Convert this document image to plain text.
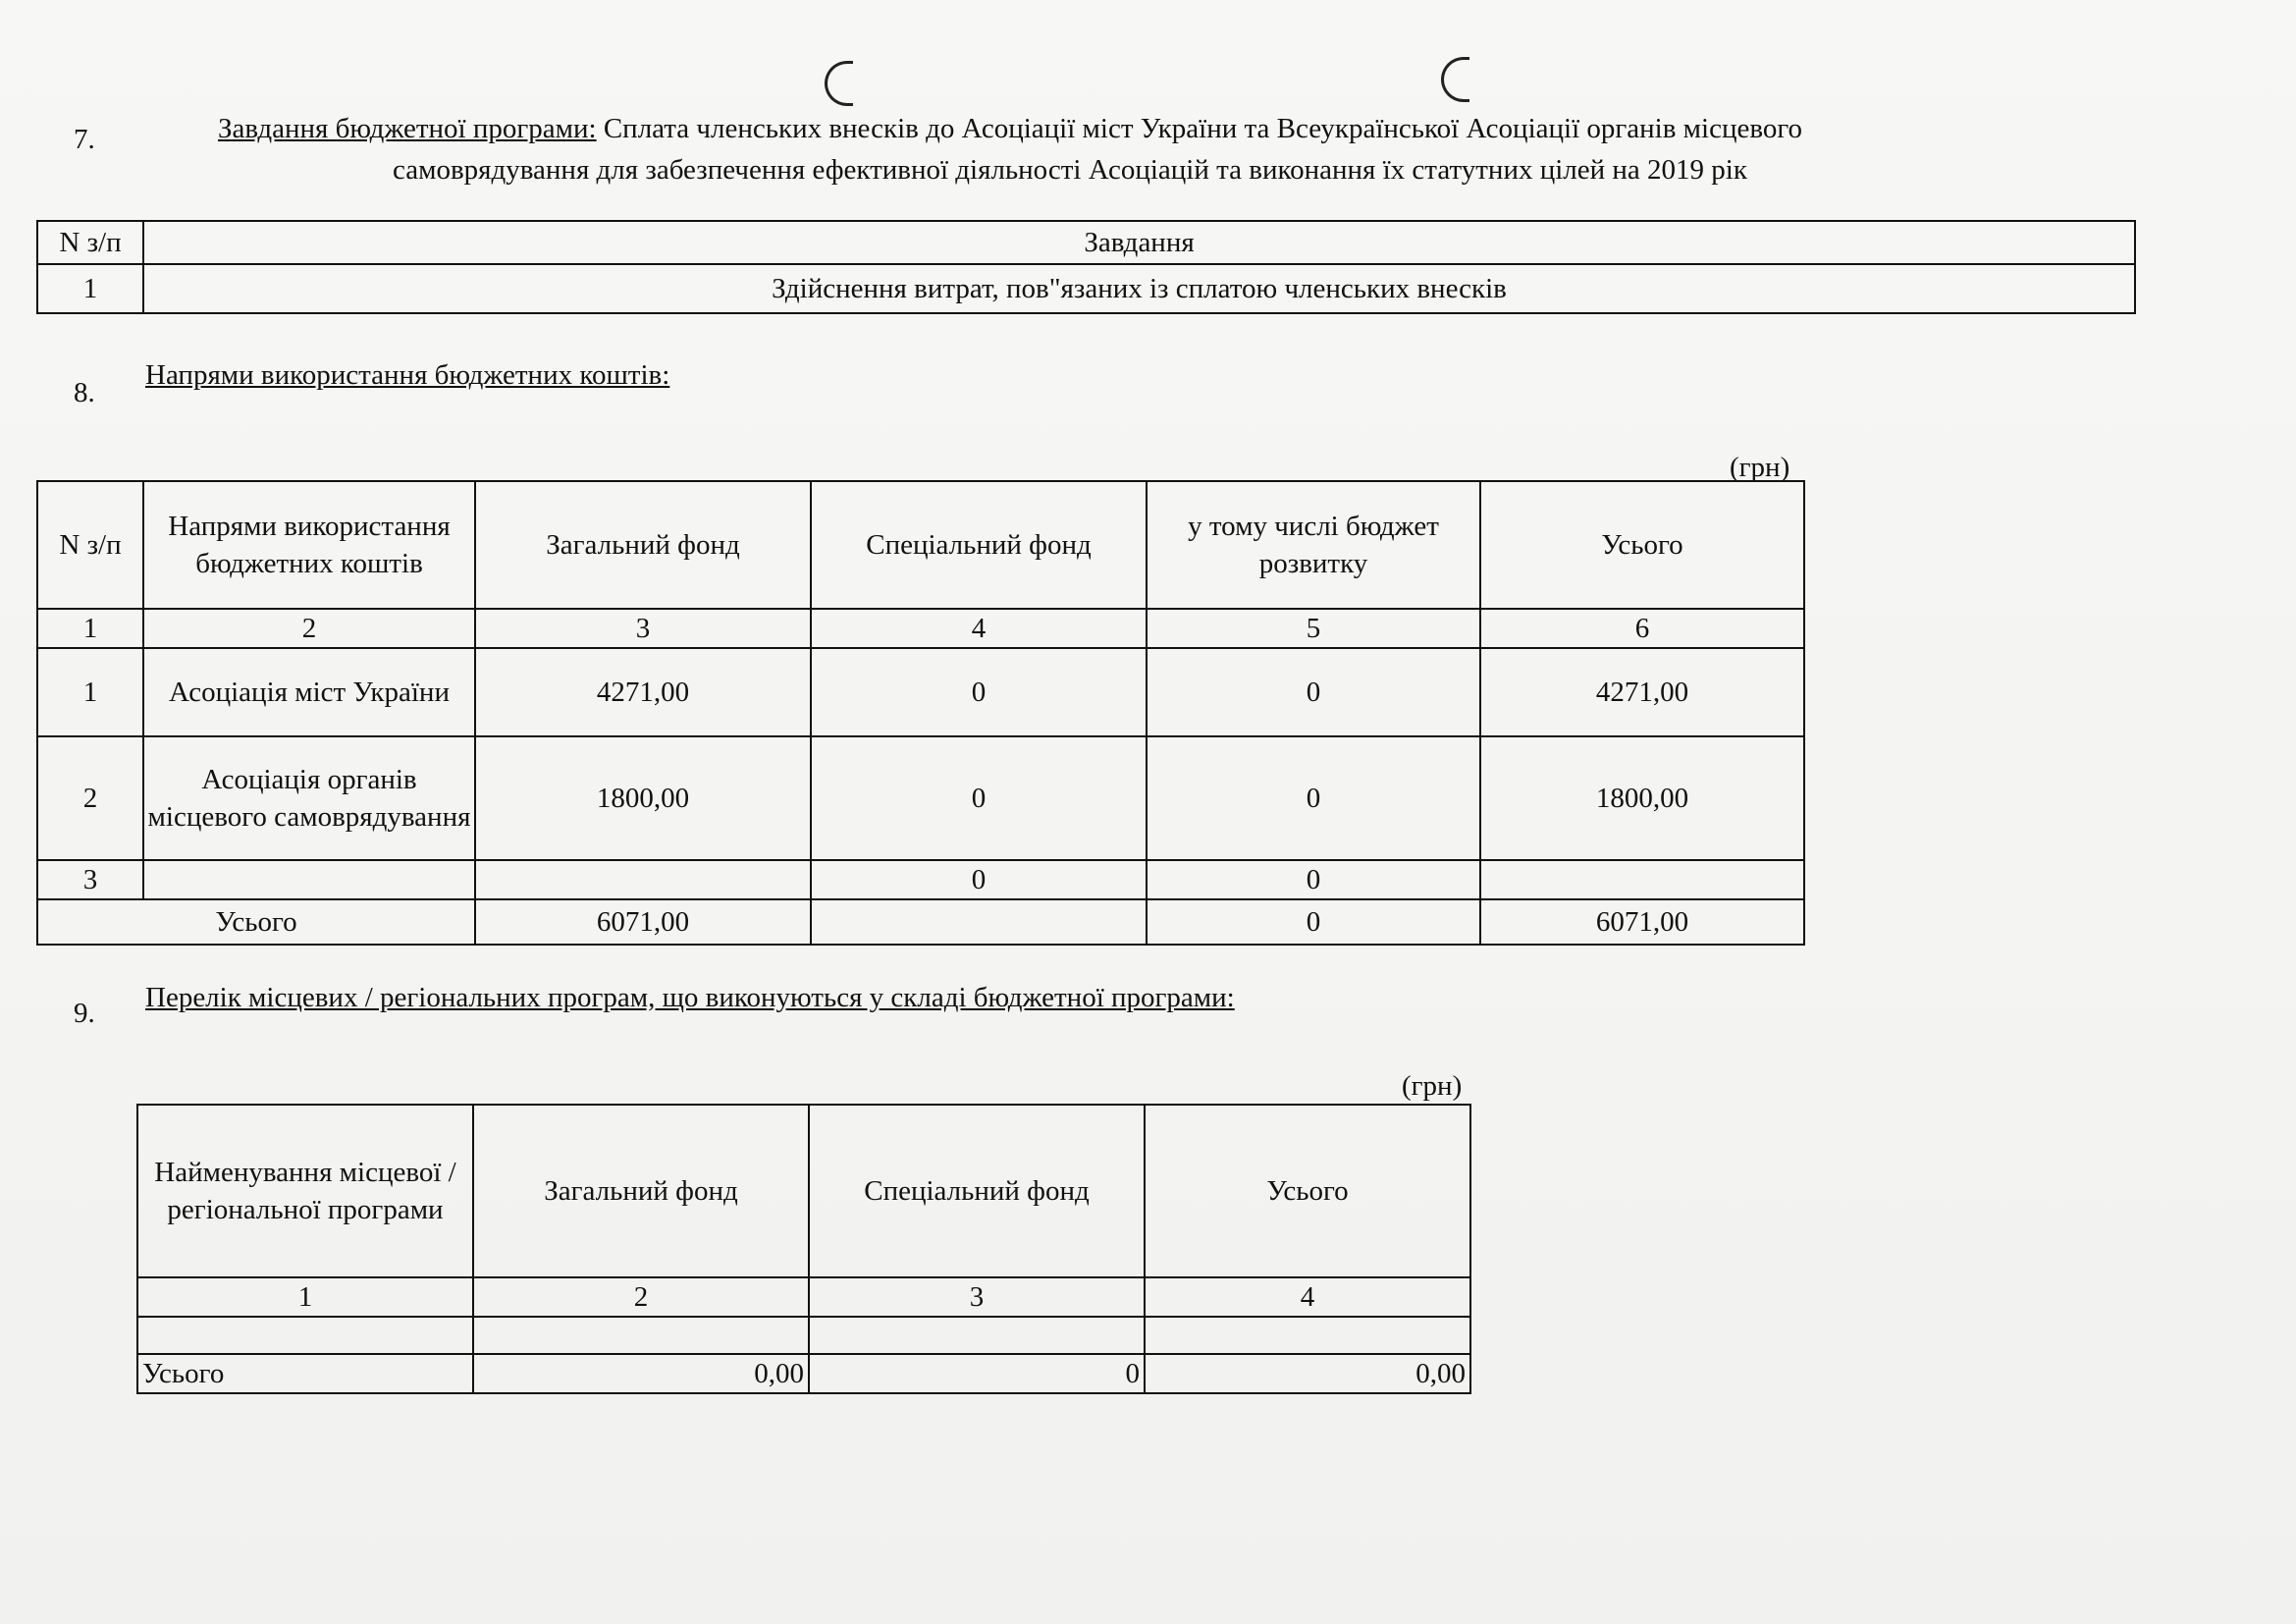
7.	Завдання бюджетної програми: Сплата членських внесків до Асоціації міст України та Всеукраїнської Асоціації органів місцевого
самоврядування для забезпечення ефективної діяльності Асоціацій та виконання їх статутних цілей на 2019 рік
N з/п	Завдання
1	Здійснення витрат, пов"язаних із сплатою членських внесків
8.
Напрями використання бюджетних коштів:
(грн)
N з/п	Напрями використання бюджетних коштів	Загальний фонд	Спеціальний фонд	у тому числі бюджет розвитку	Усього
1	2	3	4	5	6
1	Асоціація міст України	4271,00	0	0	4271,00
2	Асоціація органів місцевого самоврядування	1800,00	0	0	1800,00
3			0	0	
Усього		6071,00		0	6071,00
9. Перелік місцевих / регіональних програм, що виконуються у складі бюджетної програми:
(грн)
Найменування місцевої / регіональної програми	Загальний фонд	Спеціальний фонд	Усього
1	2	3	4

Усього	0,00	0	0,00
